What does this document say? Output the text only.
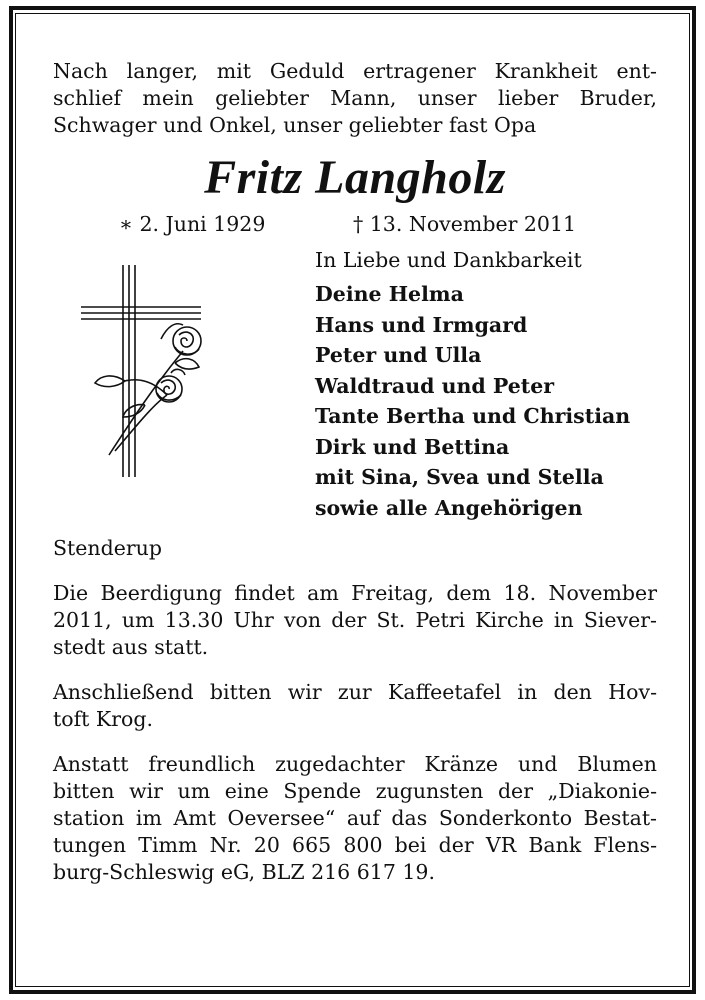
Nach langer, mit Geduld ertragener Krankheit ent-
schlief mein geliebter Mann, unser lieber Bruder,
Schwager und Onkel, unser geliebter fast Opa
Fritz Langholz
∗ 2. Juni 1929	† 13. November 2011
In Liebe und Dankbarkeit
Deine Helma
Hans und Irmgard
Peter und Ulla
Waldtraud und Peter
Tante Bertha und Christian
Dirk und Bettina
mit Sina, Svea und Stella
sowie alle Angehörigen
Stenderup
Die Beerdigung findet am Freitag, dem 18. November
2011, um 13.30 Uhr von der St. Petri Kirche in Siever-
stedt aus statt.
Anschließend bitten wir zur Kaffeetafel in den Hov-
toft Krog.
Anstatt freundlich zugedachter Kränze und Blumen
bitten wir um eine Spende zugunsten der „Diakonie-
station im Amt Oeversee“ auf das Sonderkonto Bestat-
tungen Timm Nr. 20 665 800 bei der VR Bank Flens-
burg-Schleswig eG, BLZ 216 617 19.
